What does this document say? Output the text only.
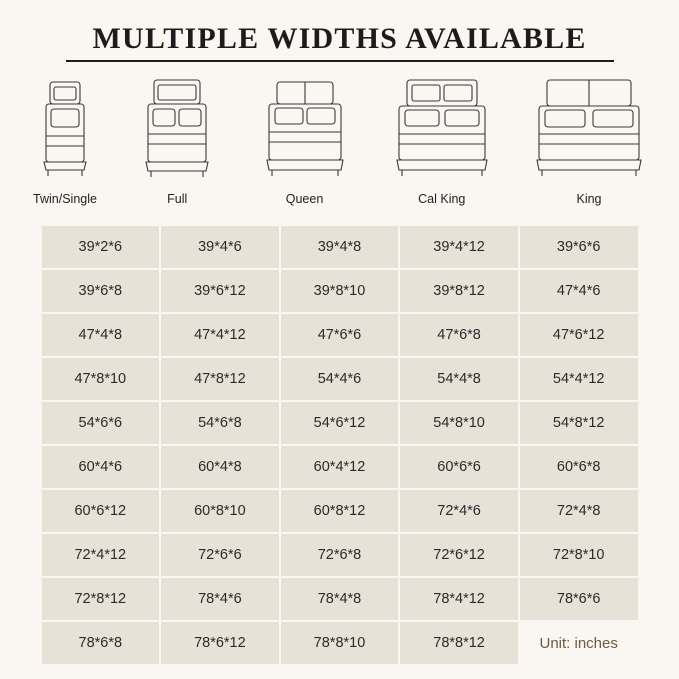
MULTIPLE WIDTHS AVAILABLE
Twin/Single	Full	Queen	Cal King	King
39*2*6	39*4*6	39*4*8	39*4*12	39*6*6
39*6*8	39*6*12	39*8*10	39*8*12	47*4*6
47*4*8	47*4*12	47*6*6	47*6*8	47*6*12
47*8*10	47*8*12	54*4*6	54*4*8	54*4*12
54*6*6	54*6*8	54*6*12	54*8*10	54*8*12
60*4*6	60*4*8	60*4*12	60*6*6	60*6*8
60*6*12	60*8*10	60*8*12	72*4*6	72*4*8
72*4*12	72*6*6	72*6*8	72*6*12	72*8*10
72*8*12	78*4*6	78*4*8	78*4*12	78*6*6
78*6*8	78*6*12	78*8*10	78*8*12	Unit: inches
